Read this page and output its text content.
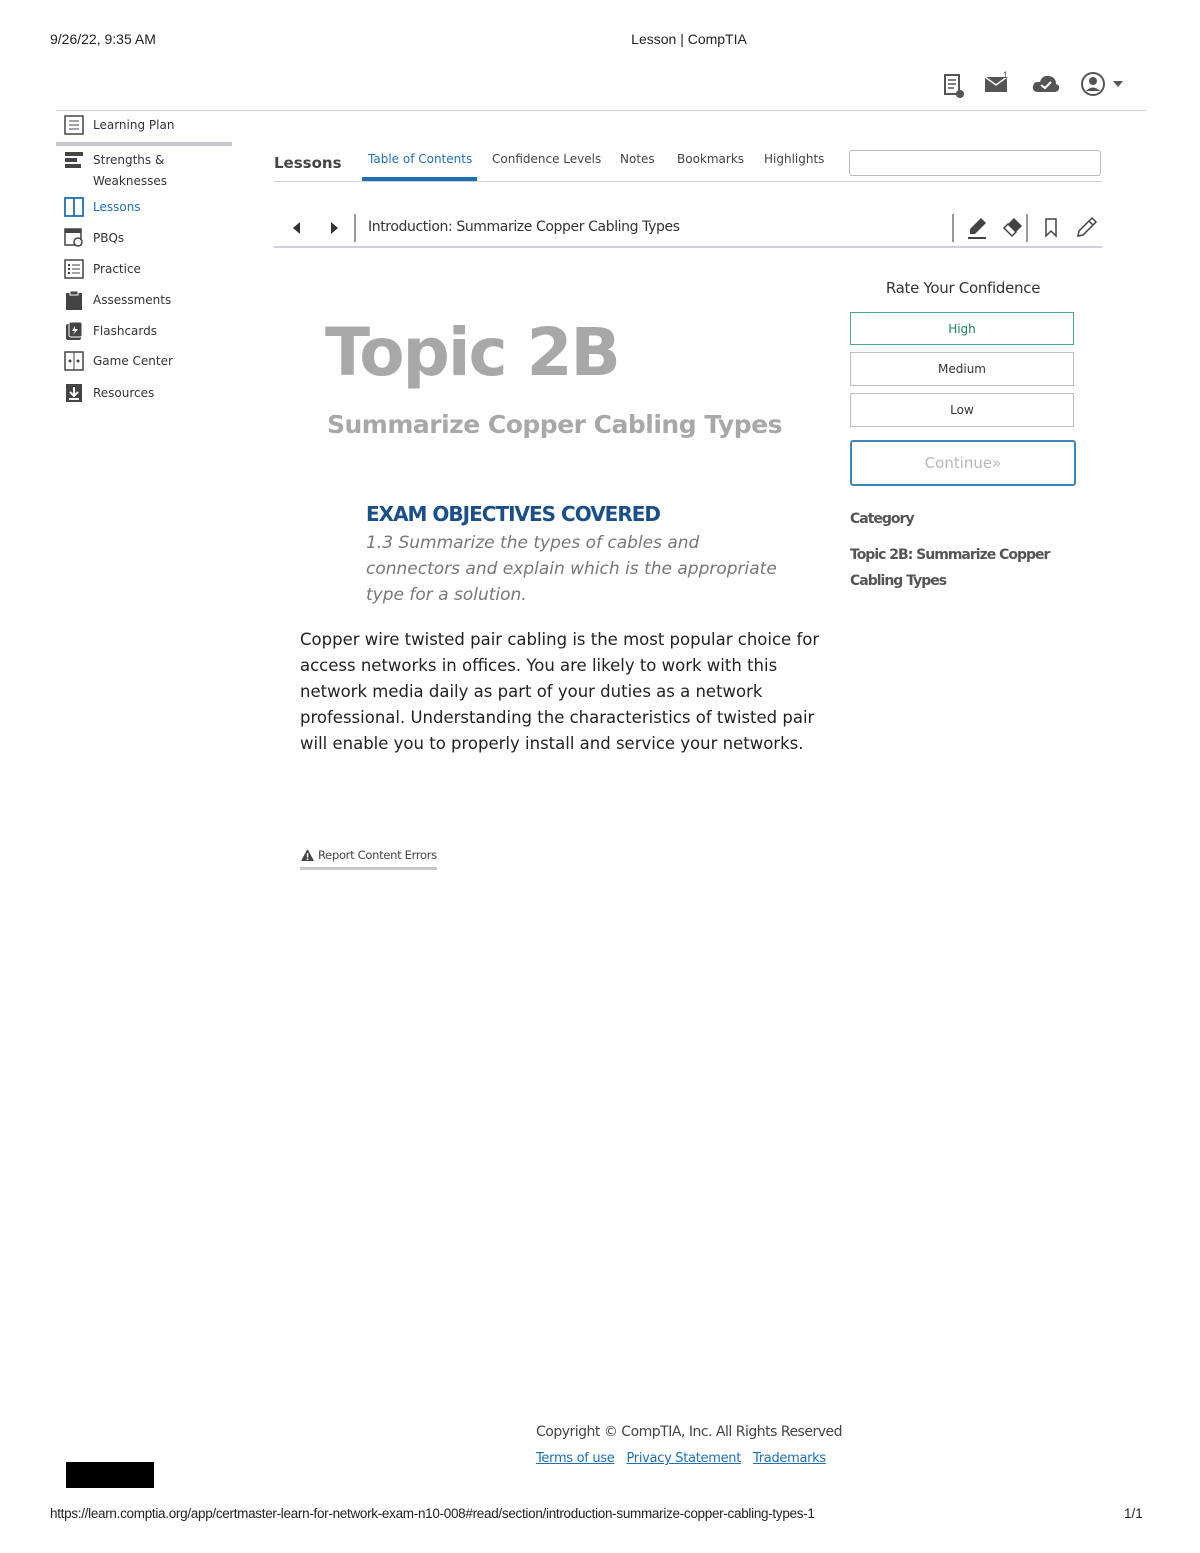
9/26/22, 9:35 AM	Lesson | CompTIA
1
Learning Plan
Strengths &
Weaknesses
Lessons
PBQs
Practice
Assessments
Flashcards
Game Center
Resources
Lessons Table of Contents Confidence Levels Notes Bookmarks Highlights
Introduction: Summarize Copper Cabling Types
Topic 2B
Summarize Copper Cabling Types
EXAM OBJECTIVES COVERED
1.3 Summarize the types of cables and
connectors and explain which is the appropriate
type for a solution.
Copper wire twisted pair cabling is the most popular choice for
access networks in offices. You are likely to work with this
network media daily as part of your duties as a network
professional. Understanding the characteristics of twisted pair
will enable you to properly install and service your networks.
Report Content Errors
Rate Your Confidence
High
Medium
Low
Continue»
Category
Topic 2B: Summarize Copper
Cabling Types
Copyright © CompTIA, Inc. All Rights Reserved
Terms of use Privacy Statement Trademarks
https://learn.comptia.org/app/certmaster-learn-for-network-exam-n10-008#read/section/introduction-summarize-copper-cabling-types-1	1/1
